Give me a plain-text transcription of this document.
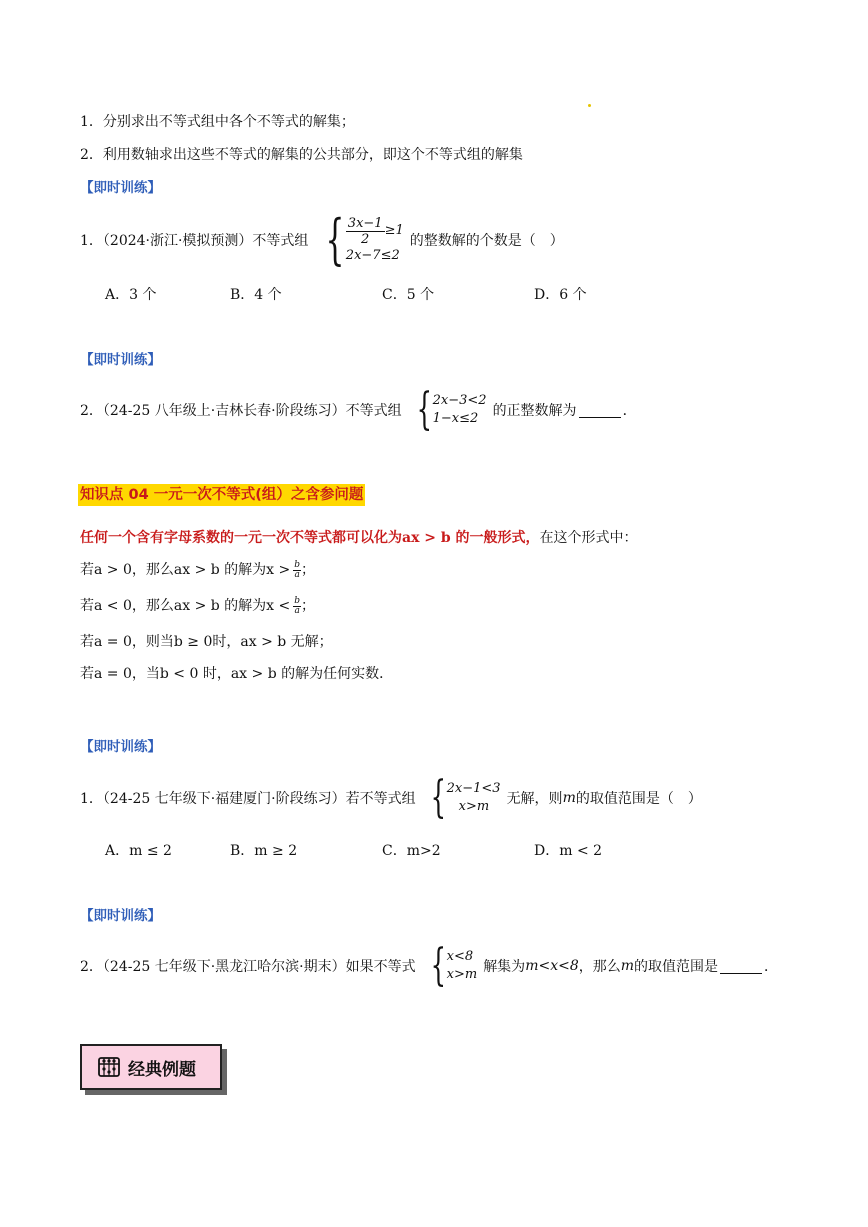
1．分别求出不等式组中各个不等式的解集；
2．利用数轴求出这些不等式的解集的公共部分，即这个不等式组的解集
【即时训练】
1．（2024·浙江·模拟预测）不等式组 { $\frac{3x-1}{2} \ge 1$
2x−7≤2
的整数解的个数是（　）
A．3 个	B．4 个	C．5 个	D．6 个
【即时训练】
2．（24-25 八年级上·吉林长春·阶段练习）不等式组 { 2x−3<2
1−x≤2	的正整数解为	．
知识点 04 一元一次不等式(组）之含参问题
任何一个含有字母系数的一元一次不等式都可以化为ax > b 的一般形式，在这个形式中：
若a > 0，那么ax > b 的解为$x > \frac{b}{a}$ ；
若a < 0，那么ax > b 的解为$x < \frac{b}{a}$ ；
若a = 0，则当b ≥ 0时，ax > b 无解；
若a = 0，当b < 0 时，ax > b 的解为任何实数．
【即时训练】
1．（24-25 七年级下·福建厦门·阶段练习）若不等式组 { 2x−1<3
x>m	无解，则 m 的取值范围是（　）
A．m ≤ 2	B．m ≥ 2	C．m>2	D．m < 2
【即时训练】
2．（24-25 七年级下·黑龙江哈尔滨·期末）如果不等式 { x<8
x>m 解集为 m<x<8 ，那么 m 的取值范围是	．
经典例题
